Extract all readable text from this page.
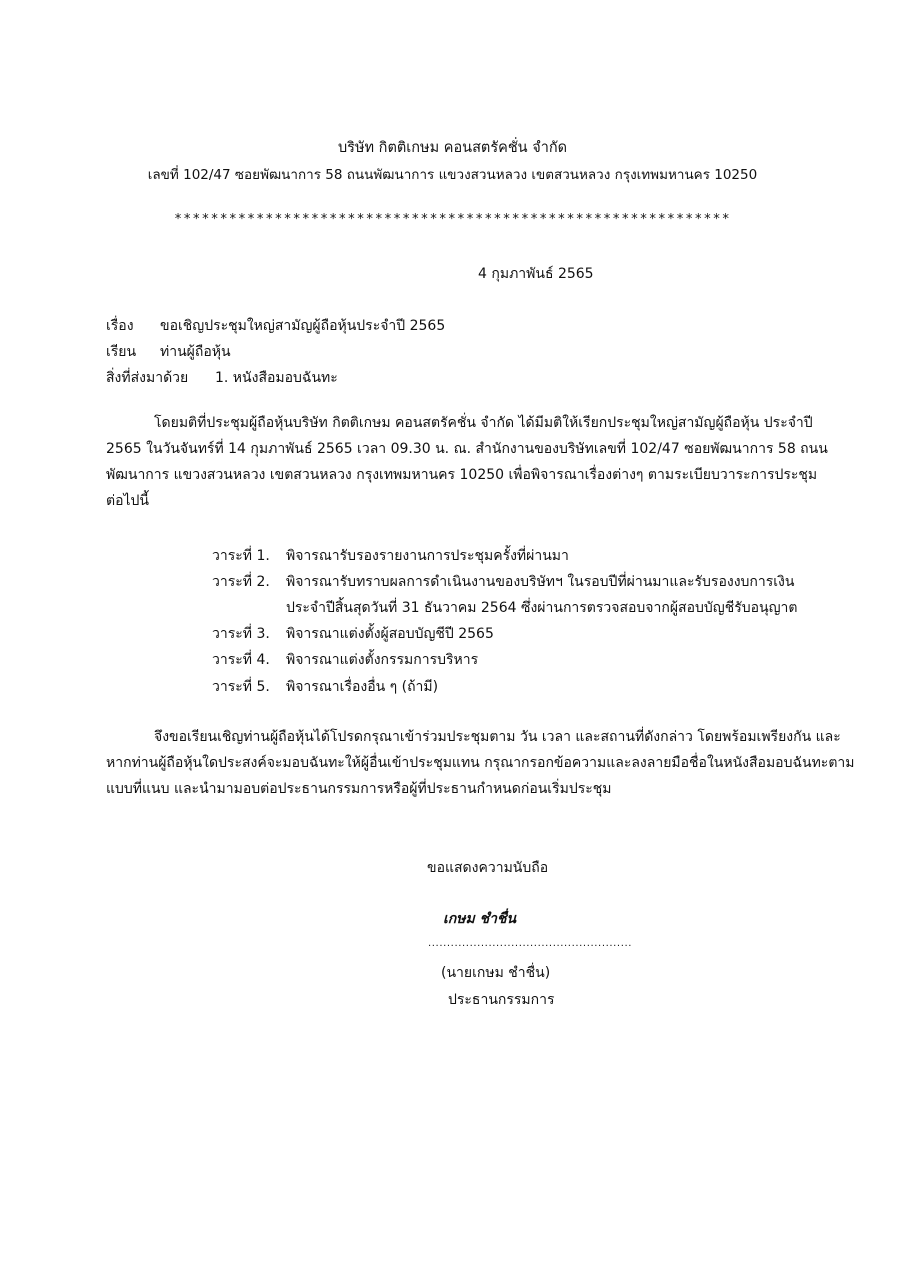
บริษัท กิตติเกษม คอนสตรัคชั่น จำกัด
เลขที่ 102/47 ซอยพัฒนาการ 58 ถนนพัฒนาการ แขวงสวนหลวง เขตสวนหลวง กรุงเทพมหานคร 10250
*************************************************************
4 กุมภาพันธ์ 2565
เรื่อง ขอเชิญประชุมใหญ่สามัญผู้ถือหุ้นประจำปี 2565
เรียน ท่านผู้ถือหุ้น
สิ่งที่ส่งมาด้วย 1. หนังสือมอบฉันทะ
โดยมติที่ประชุมผู้ถือหุ้นบริษัท กิตติเกษม คอนสตรัคชั่น จำกัด ได้มีมติให้เรียกประชุมใหญ่สามัญผู้ถือหุ้น ประจำปี
2565 ในวันจันทร์ที่ 14 กุมภาพันธ์ 2565 เวลา 09.30 น. ณ. สำนักงานของบริษัทเลขที่ 102/47 ซอยพัฒนาการ 58 ถนน
พัฒนาการ แขวงสวนหลวง เขตสวนหลวง กรุงเทพมหานคร 10250 เพื่อพิจารณาเรื่องต่างๆ ตามระเบียบวาระการประชุม
ต่อไปนี้
วาระที่ 1. พิจารณารับรองรายงานการประชุมครั้งที่ผ่านมา
วาระที่ 2. พิจารณารับทราบผลการดำเนินงานของบริษัทฯ ในรอบปีที่ผ่านมาและรับรองงบการเงิน
ประจำปีสิ้นสุดวันที่ 31 ธันวาคม 2564 ซึ่งผ่านการตรวจสอบจากผู้สอบบัญชีรับอนุญาต
วาระที่ 3. พิจารณาแต่งตั้งผู้สอบบัญชีปี 2565
วาระที่ 4. พิจารณาแต่งตั้งกรรมการบริหาร
วาระที่ 5. พิจารณาเรื่องอื่น ๆ (ถ้ามี)
จึงขอเรียนเชิญท่านผู้ถือหุ้นได้โปรดกรุณาเข้าร่วมประชุมตาม วัน เวลา และสถานที่ดังกล่าว โดยพร้อมเพรียงกัน และ
หากท่านผู้ถือหุ้นใดประสงค์จะมอบฉันทะให้ผู้อื่นเข้าประชุมแทน กรุณากรอกข้อความและลงลายมือชื่อในหนังสือมอบฉันทะตาม
แบบที่แนบ และนำมามอบต่อประธานกรรมการหรือผู้ที่ประธานกำหนดก่อนเริ่มประชุม
ขอแสดงความนับถือ
เกษม ชำชื่น
......................................................
(นายเกษม ชำชื่น)
ประธานกรรมการ
